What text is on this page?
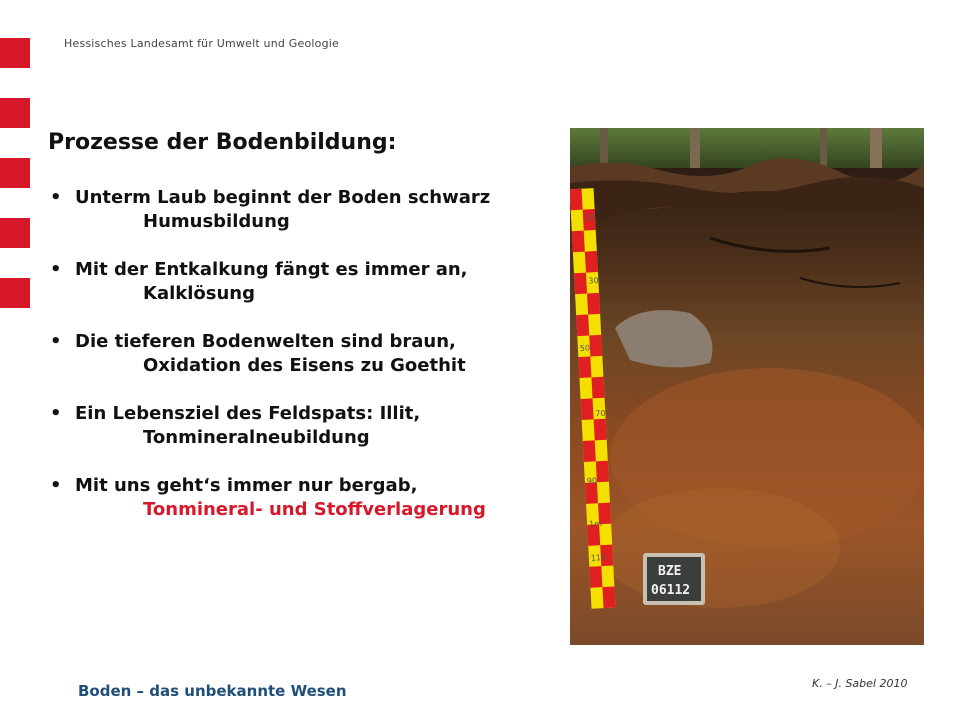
Hessisches Landesamt für Umwelt und Geologie
Prozesse der Bodenbildung:
• Unterm Laub beginnt der Boden schwarz
Humusbildung
• Mit der Entkalkung fängt es immer an,
Kalklösung
• Die tieferen Bodenwelten sind braun,
Oxidation des Eisens zu Goethit
• Ein Lebensziel des Feldspats: Illit,
Tonmineralneubildung
• Mit uns geht‘s immer nur bergab,
Tonmineral- und Stoffverlagerung
10
30
50
70
90
1m
110
BZE
06112
Boden – das unbekannte Wesen	K. – J. Sabel 2010
